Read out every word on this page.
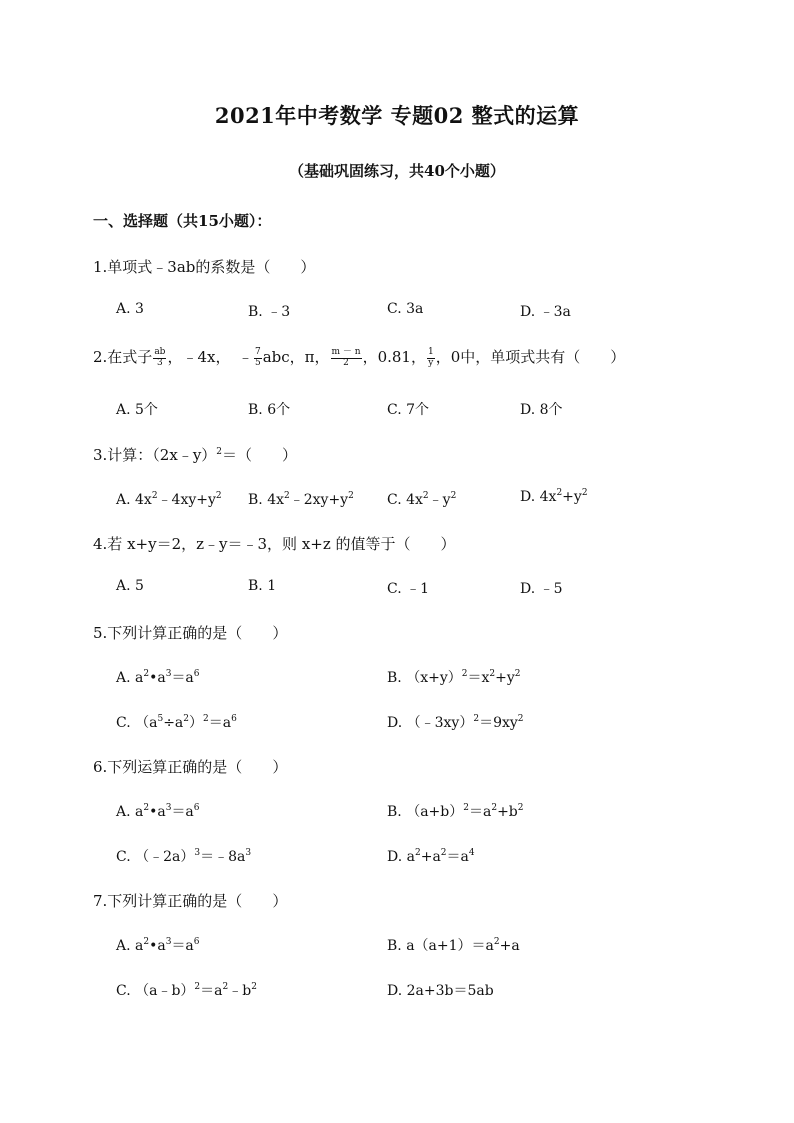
2021年中考数学 专题02 整式的运算
（基础巩固练习，共40个小题）
一、选择题（共15小题）：
1.单项式﹣3ab的系数是（　　）
A. 3	B. ﹣3	C. 3a	D. ﹣3a
2.在式子 $\frac{ab}{3}$ ，﹣4x，　﹣ $\frac{7}{5}$ abc，π， $\frac{m - n}{2}$ ，0.81， $\frac{1}{y}$ ，0中，单项式共有（　　）
A. 5个	B. 6个	C. 7个	D. 8个
3.计算：（2x﹣y）$^2$＝（　　）
A. $4x^2﹣4xy+y^2$ B. $4x^2﹣2xy+y^2$ C. $4x^2﹣y^2$	D. $4x^2+y^2$
4.若 x+y＝2，z﹣y＝﹣3，则 x+z 的值等于（　　）
A. 5	B. 1	C. ﹣1	D. ﹣5
5.下列计算正确的是（　　）
A. $a^2•a^3=a^6$	B. $(x+y)^2=x^2+y^2$
C. $(a^5\div a^2)^2=a^6$	D. $(﹣3xy)^2=9xy^2$
6.下列运算正确的是（　　）
A. $a^2•a^3=a^6$	B. $(a+b)^2=a^2+b^2$
C. $(﹣2a)^3=﹣8a^3$	D. $a^2+a^2=a^4$
7.下列计算正确的是（　　）
A. $a^2•a^3=a^6$	B. $a(a+1)=a^2+a$
C. $(a﹣b)^2=a^2﹣b^2$	D. 2a+3b＝5ab
